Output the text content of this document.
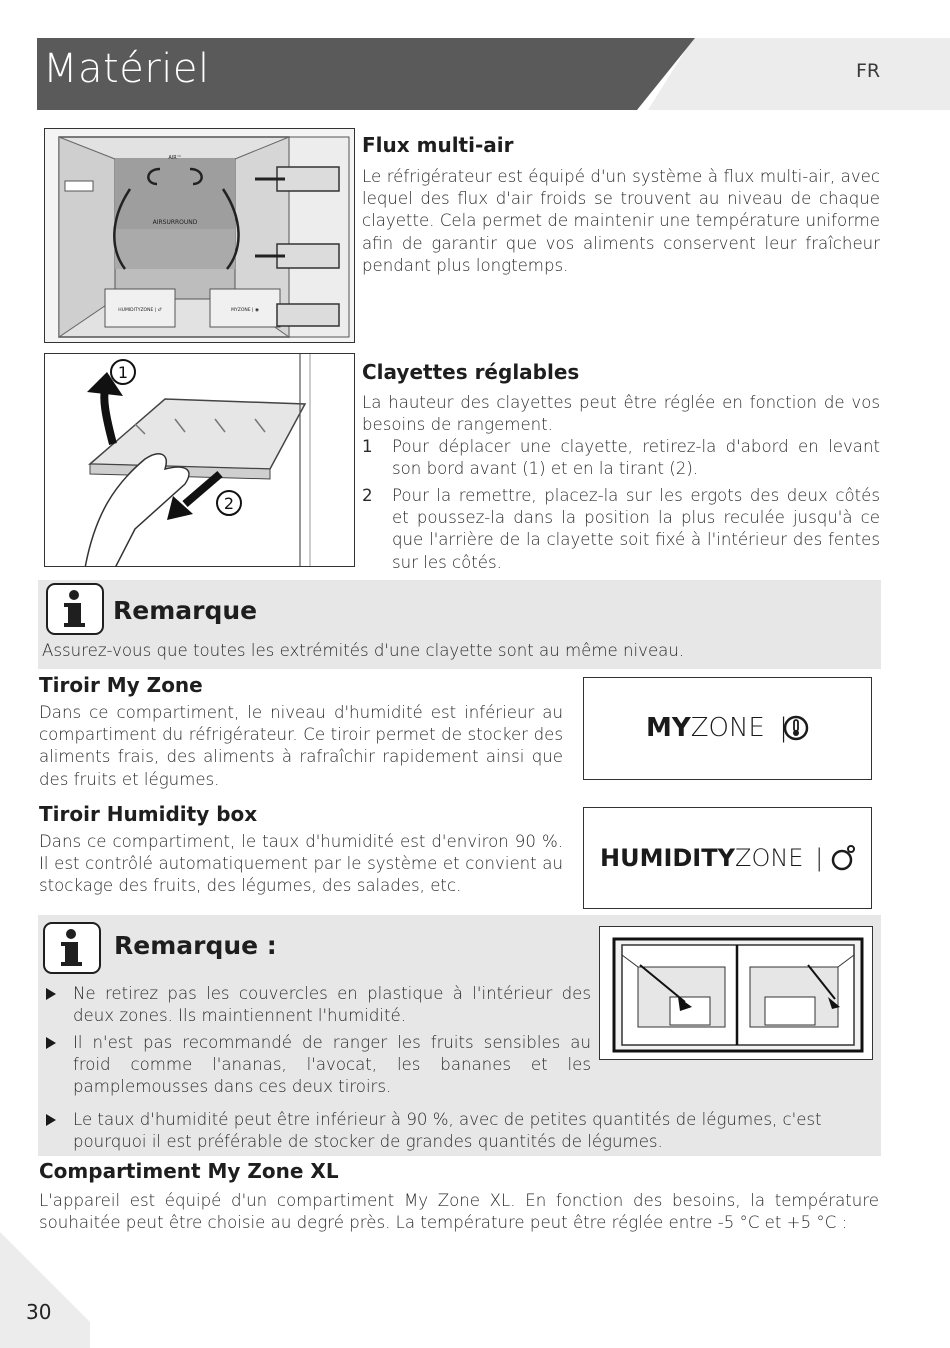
Matériel	FR
AIRSURROUND
AIR™
HUMIDITYZONE | ♂	MYZONE | ◉
Flux multi-air
Le réfrigérateur est équipé d'un système à flux multi-air, avec lequel des flux d'air froids se trouvent au niveau de chaque clayette. Cela permet de maintenir une température uniforme afin de garantir que vos aliments conservent leur fraîcheur pendant plus longtemps.
1
2
Clayettes réglables
La hauteur des clayettes peut être réglée en fonction de vos besoins de rangement.
1 Pour déplacer une clayette, retirez-la d'abord en levant son bord avant (1) et en la tirant (2).
2 Pour la remettre, placez-la sur les ergots des deux côtés et poussez-la dans la position la plus reculée jusqu'à ce que l'arrière de la clayette soit fixé à l'intérieur des fentes sur les côtés.
Remarque
Assurez-vous que toutes les extrémités d'une clayette sont au même niveau.
Tiroir My Zone
Dans ce compartiment, le niveau d'humidité est inférieur au compartiment du réfrigérateur. Ce tiroir permet de stocker des aliments frais, des aliments à rafraîchir rapidement ainsi que des fruits et légumes.
MYZONE |
Tiroir Humidity box
Dans ce compartiment, le taux d'humidité est d'environ 90 %. Il est contrôlé automatiquement par le système et convient au stockage des fruits, des légumes, des salades, etc.
HUMIDITYZONE |
Remarque :
Ne retirez pas les couvercles en plastique à l'intérieur des deux zones. Ils maintiennent l'humidité.
Il n'est pas recommandé de ranger les fruits sensibles au froid comme l'ananas, l'avocat, les bananes et les pamplemousses dans ces deux tiroirs.
Le taux d'humidité peut être inférieur à 90 %, avec de petites quantités de légumes, c'est pourquoi il est préférable de stocker de grandes quantités de légumes.
Compartiment My Zone XL
L'appareil est équipé d'un compartiment My Zone XL. En fonction des besoins, la température souhaitée peut être choisie au degré près. La température peut être réglée entre -5 °C et +5 °C :
30
